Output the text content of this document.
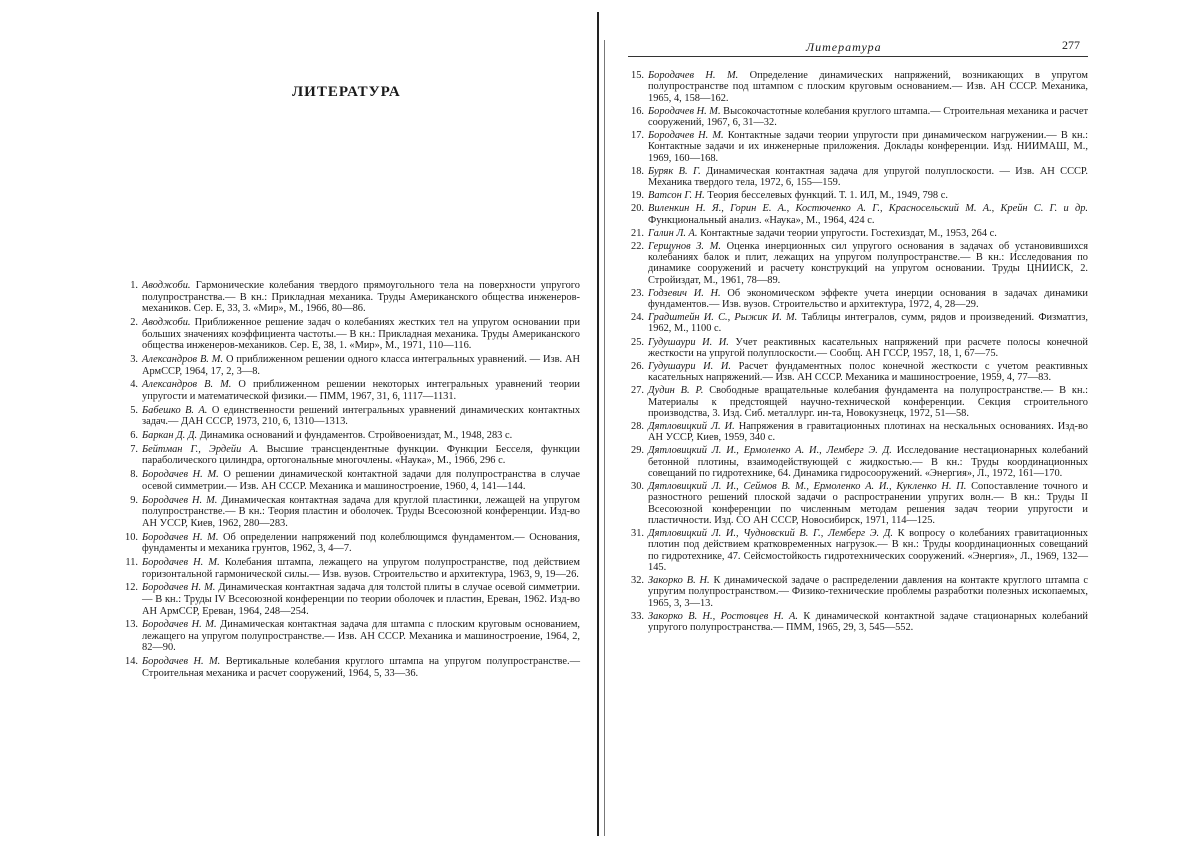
ЛИТЕРАТУРА
1. Аводжоби. Гармонические колебания твердого прямоугольного тела на поверхности упругого полупространства.— В кн.: Прикладная механика. Труды Американского общества инженеров-механиков. Сер. Е, 33, 3. «Мир», М., 1966, 80—86.
2. Аводжоби. Приближенное решение задач о колебаниях жестких тел на упругом основании при больших значениях коэффициента частоты.— В кн.: Прикладная механика. Труды Американского общества инженеров-механиков. Сер. Е, 38, 1. «Мир», М., 1971, 110—116.
3. Александров В. М. О приближенном решении одного класса интегральных уравнений. — Изв. АН АрмССР, 1964, 17, 2, 3—8.
4. Александров В. М. О приближенном решении некоторых интегральных уравнений теории упругости и математической физики.— ПММ, 1967, 31, 6, 1117—1131.
5. Бабешко В. А. О единственности решений интегральных уравнений динамических контактных задач.— ДАН СССР, 1973, 210, 6, 1310—1313.
6. Баркан Д. Д. Динамика оснований и фундаментов. Стройвоениздат, М., 1948, 283 с.
7. Бейтман Г., Эрдейи А. Высшие трансцендентные функции. Функции Бесселя, функции параболического цилиндра, ортогональные многочлены. «Наука», М., 1966, 296 с.
8. Бородачев Н. М. О решении динамической контактной задачи для полупространства в случае осевой симметрии.— Изв. АН СССР. Механика и машиностроение, 1960, 4, 141—144.
9. Бородачев Н. М. Динамическая контактная задача для круглой пластинки, лежащей на упругом полупространстве.— В кн.: Теория пластин и оболочек. Труды Всесоюзной конференции. Изд-во АН УССР, Киев, 1962, 280—283.
10. Бородачев Н. М. Об определении напряжений под колеблющимся фундаментом.— Основания, фундаменты и механика грунтов, 1962, 3, 4—7.
11. Бородачев Н. М. Колебания штампа, лежащего на упругом полупространстве, под действием горизонтальной гармонической силы.— Изв. вузов. Строительство и архитектура, 1963, 9, 19—26.
12. Бородачев Н. М. Динамическая контактная задача для толстой плиты в случае осевой симметрии.— В кн.: Труды IV Всесоюзной конференции по теории оболочек и пластин, Ереван, 1962. Изд-во АН АрмССР, Ереван, 1964, 248—254.
13. Бородачев Н. М. Динамическая контактная задача для штампа с плоским круговым основанием, лежащего на упругом полупространстве.— Изв. АН СССР. Механика и машиностроение, 1964, 2, 82—90.
14. Бородачев Н. М. Вертикальные колебания круглого штампа на упругом полупространстве.— Строительная механика и расчет сооружений, 1964, 5, 33—36.
Литература	277
15. Бородачев Н. М. Определение динамических напряжений, возникающих в упругом полупространстве под штампом с плоским круговым основанием.— Изв. АН СССР. Механика, 1965, 4, 158—162.
16. Бородачев Н. М. Высокочастотные колебания круглого штампа.— Строительная механика и расчет сооружений, 1967, 6, 31—32.
17. Бородачев Н. М. Контактные задачи теории упругости при динамическом нагружении.— В кн.: Контактные задачи и их инженерные приложения. Доклады конференции. Изд. НИИМАШ, М., 1969, 160—168.
18. Буряк В. Г. Динамическая контактная задача для упругой полуплоскости. — Изв. АН СССР. Механика твердого тела, 1972, 6, 155—159.
19. Ватсон Г. Н. Теория бесселевых функций. Т. 1. ИЛ, М., 1949, 798 с.
20. Виленкин Н. Я., Горин Е. А., Костюченко А. Г., Красносельский М. А., Крейн С. Г. и др. Функциональный анализ. «Наука», М., 1964, 424 с.
21. Галин Л. А. Контактные задачи теории упругости. Гостехиздат, М., 1953, 264 с.
22. Герщунов З. М. Оценка инерционных сил упругого основания в задачах об установившихся колебаниях балок и плит, лежащих на упругом полупространстве.— В кн.: Исследования по динамике сооружений и расчету конструкций на упругом основании. Труды ЦНИИСК, 2. Стройиздат, М., 1961, 78—89.
23. Годзевич И. Н. Об экономическом эффекте учета инерции основания в задачах динамики фундаментов.— Изв. вузов. Строительство и архитектура, 1972, 4, 28—29.
24. Градштейн И. С., Рыжик И. М. Таблицы интегралов, сумм, рядов и произведений. Физматгиз, 1962, М., 1100 с.
25. Гудушаури И. И. Учет реактивных касательных напряжений при расчете полосы конечной жесткости на упругой полуплоскости.— Сообщ. АН ГССР, 1957, 18, 1, 67—75.
26. Гудушаури И. И. Расчет фундаментных полос конечной жесткости с учетом реактивных касательных напряжений.— Изв. АН СССР. Механика и машиностроение, 1959, 4, 77—83.
27. Дудин В. Р. Свободные вращательные колебания фундамента на полупространстве.— В кн.: Материалы к предстоящей научно-технической конференции. Секция строительного производства, 3. Изд. Сиб. металлург. ин-та, Новокузнецк, 1972, 51—58.
28. Дятловицкий Л. И. Напряжения в гравитационных плотинах на нескальных основаниях. Изд-во АН УССР, Киев, 1959, 340 с.
29. Дятловицкий Л. И., Ермоленко А. И., Лемберг Э. Д. Исследование нестационарных колебаний бетонной плотины, взаимодействующей с жидкостью.— В кн.: Труды координационных совещаний по гидротехнике, 64. Динамика гидросооружений. «Энергия», Л., 1972, 161—170.
30. Дятловицкий Л. И., Сеймов В. М., Ермоленко А. И., Кукленко Н. П. Сопоставление точного и разностного решений плоской задачи о распространении упругих волн.— В кн.: Труды II Всесоюзной конференции по численным методам решения задач теории упругости и пластичности. Изд. СО АН СССР, Новосибирск, 1971, 114—125.
31. Дятловицкий Л. И., Чудновский В. Г., Лемберг Э. Д. К вопросу о колебаниях гравитационных плотин под действием кратковременных нагрузок.— В кн.: Труды координационных совещаний по гидротехнике, 47. Сейсмостойкость гидротехнических сооружений. «Энергия», Л., 1969, 132—145.
32. Закорко В. Н. К динамической задаче о распределении давления на контакте круглого штампа с упругим полупространством.— Физико-технические проблемы разработки полезных ископаемых, 1965, 3, 3—13.
33. Закорко В. Н., Ростовцев Н. А. К динамической контактной задаче стационарных колебаний упругого полупространства.— ПММ, 1965, 29, 3, 545—552.
